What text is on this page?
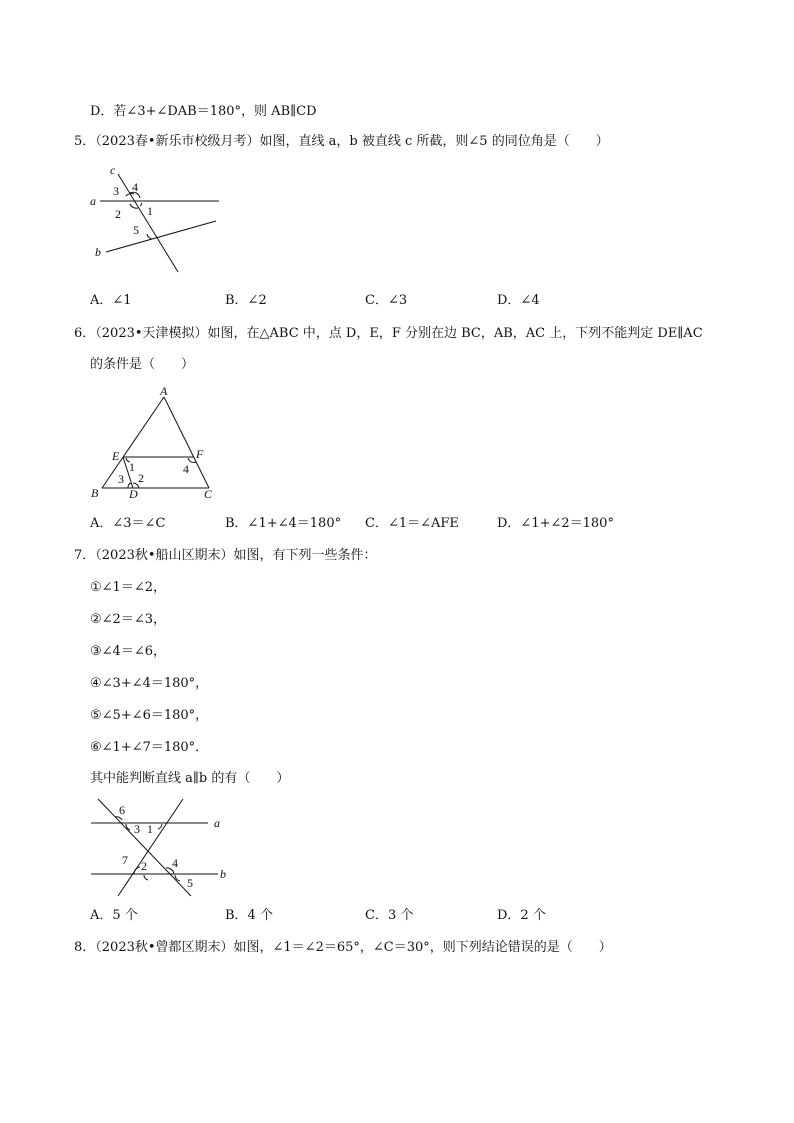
D．若∠3+∠DAB＝180°，则 AB∥CD
5．（2023春•新乐市校级月考）如图，直线 a，b 被直线 c 所截，则∠5 的同位角是（　　）
c
a
b
3 4
2 1
5
A．∠1	B．∠2	C．∠3	D．∠4
6．（2023•天津模拟）如图，在△ABC 中，点 D，E，F 分别在边 BC，AB，AC 上，下列不能判定 DE∥AC
的条件是（　　）
A
E	F
B	D	C
1
2
3
4
A．∠3＝∠C	B．∠1+∠4＝180° C．∠1＝∠AFE	D．∠1+∠2＝180°
7．（2023秋•船山区期末）如图，有下列一些条件：
①∠1＝∠2，
②∠2＝∠3，
③∠4＝∠6，
④∠3+∠4＝180°，
⑤∠5+∠6＝180°，
⑥∠1+∠7＝180°．
其中能判断直线 a∥b 的有（　　）
6
3 1	a
7 2 4
b
5
A．5 个	B．4 个	C．3 个	D．2 个
8．（2023秋•曾都区期末）如图，∠1＝∠2＝65°，∠C＝30°，则下列结论错误的是（　　）
